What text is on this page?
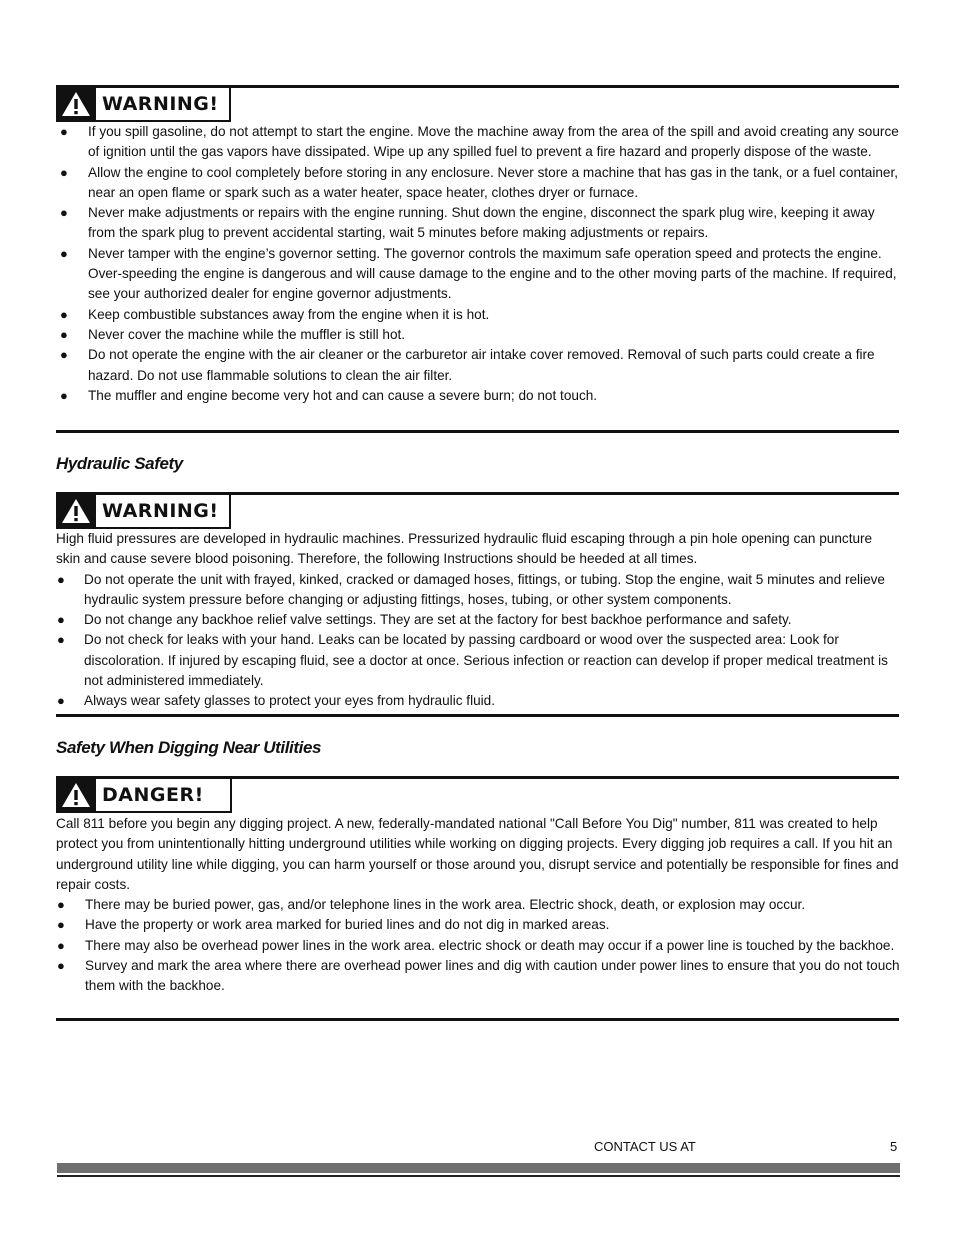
WARNING!
● If you spill gasoline, do not attempt to start the engine. Move the machine away from the area of the spill and avoid creating any source of ignition until the gas vapors have dissipated. Wipe up any spilled fuel to prevent a fire hazard and properly dispose of the waste.
● Allow the engine to cool completely before storing in any enclosure. Never store a machine that has gas in the tank, or a fuel container, near an open flame or spark such as a water heater, space heater, clothes dryer or furnace.
● Never make adjustments or repairs with the engine running. Shut down the engine, disconnect the spark plug wire, keeping it away from the spark plug to prevent accidental starting, wait 5 minutes before making adjustments or repairs.
● Never tamper with the engine’s governor setting. The governor controls the maximum safe operation speed and protects the engine. Over-speeding the engine is dangerous and will cause damage to the engine and to the other moving parts of the machine. If required, see your authorized dealer for engine governor adjustments.
● Keep combustible substances away from the engine when it is hot.
● Never cover the machine while the muffler is still hot.
● Do not operate the engine with the air cleaner or the carburetor air intake cover removed. Removal of such parts could create a fire hazard. Do not use flammable solutions to clean the air filter.
● The muffler and engine become very hot and can cause a severe burn; do not touch.
Hydraulic Safety
WARNING!

High fluid pressures are developed in hydraulic machines. Pressurized hydraulic fluid escaping through a pin hole opening can puncture skin and cause severe blood poisoning. Therefore, the following Instructions should be heeded at all times.

● Do not operate the unit with frayed, kinked, cracked or damaged hoses, fittings, or tubing. Stop the engine, wait 5 minutes and relieve hydraulic system pressure before changing or adjusting fittings, hoses, tubing, or other system components.
● Do not change any backhoe relief valve settings. They are set at the factory for best backhoe performance and safety.
● Do not check for leaks with your hand. Leaks can be located by passing cardboard or wood over the suspected area: Look for discoloration. If injured by escaping fluid, see a doctor at once. Serious infection or reaction can develop if proper medical treatment is not administered immediately.
● Always wear safety glasses to protect your eyes from hydraulic fluid.
Safety When Digging Near Utilities
DANGER!

Call 811 before you begin any digging project. A new, federally-mandated national "Call Before You Dig" number, 811 was created to help protect you from unintentionally hitting underground utilities while working on digging projects. Every digging job requires a call. If you hit an underground utility line while digging, you can harm yourself or those around you, disrupt service and potentially be responsible for fines and repair costs.

● There may be buried power, gas, and/or telephone lines in the work area. Electric shock, death, or explosion may occur.
● Have the property or work area marked for buried lines and do not dig in marked areas.
● There may also be overhead power lines in the work area. electric shock or death may occur if a power line is touched by the backhoe.
● Survey and mark the area where there are overhead power lines and dig with caution under power lines to ensure that you do not touch them with the backhoe.
CONTACT US AT	5
